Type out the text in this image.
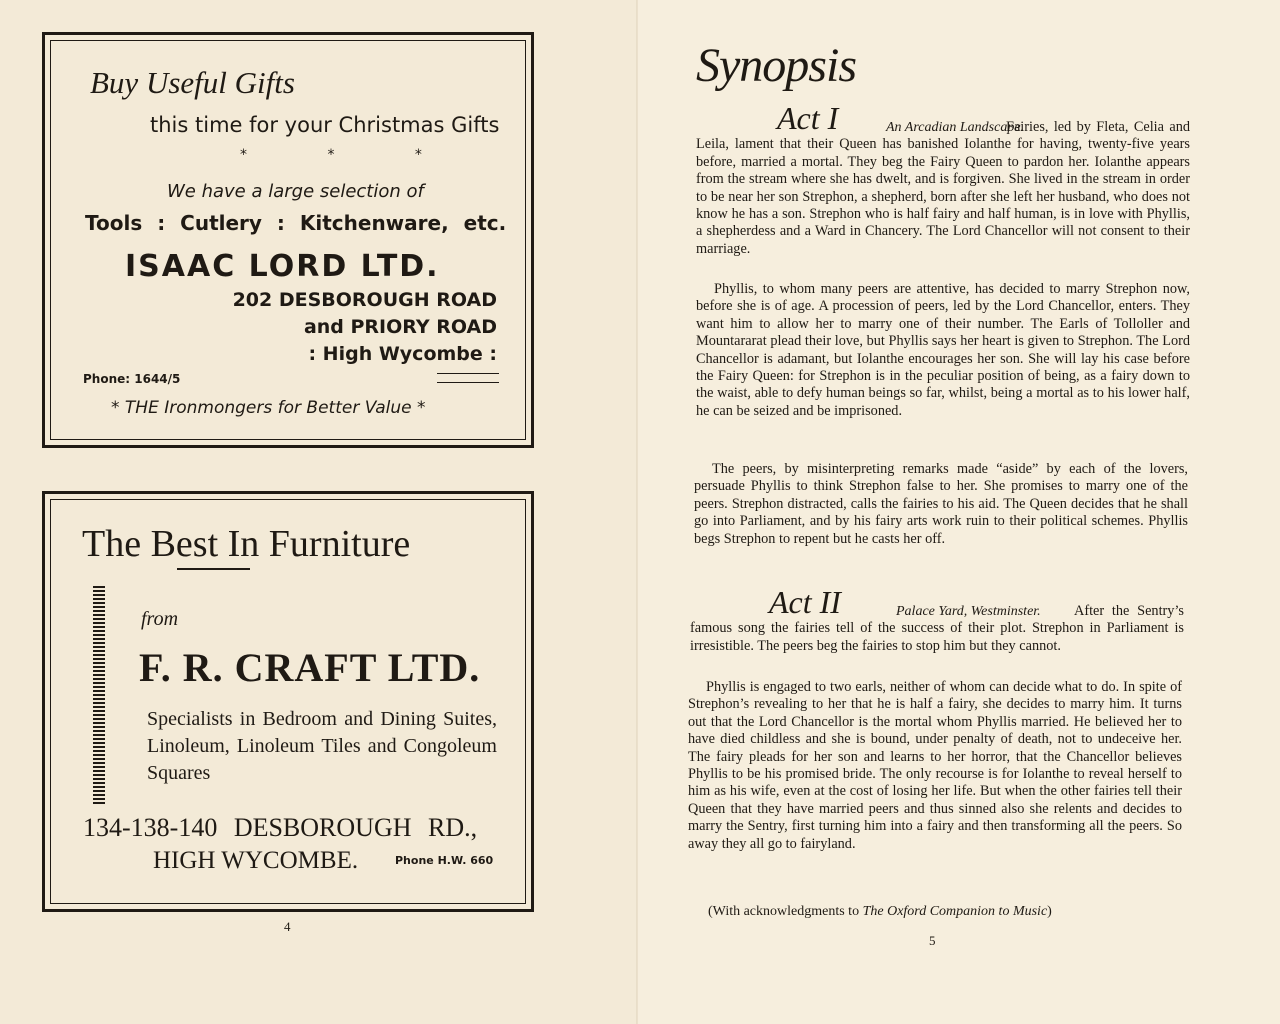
Buy Useful Gifts
this time for your Christmas Gifts
* * *
We have a large selection of
Tools : Cutlery : Kitchenware, etc.
ISAAC LORD LTD.
202 DESBOROUGH ROAD
and PRIORY ROAD
: High Wycombe :
Phone: 1644/5
* THE Ironmongers for Better Value *
The Best In Furniture
from
F. R. CRAFT LTD.
Specialists in Bedroom and Dining Suites, Linoleum, Linoleum Tiles and Congoleum Squares
134-138-140 DESBOROUGH RD.,
HIGH WYCOMBE.	Phone H.W. 660
4
Synopsis
Act I	An Arcadian Landscape.

Fairies, led by Fleta, Celia and Leila, lament that their Queen has banished Iolanthe for having, twenty-five years before, married a mortal. They beg the Fairy Queen to pardon her. Iolanthe appears from the stream where she has dwelt, and is forgiven. She lived in the stream in order to be near her son Strephon, a shepherd, born after she left her husband, who does not know he has a son. Strephon who is half fairy and half human, is in love with Phyllis, a shepherdess and a Ward in Chancery. The Lord Chancellor will not consent to their marriage.

Phyllis, to whom many peers are attentive, has decided to marry Strephon now, before she is of age. A procession of peers, led by the Lord Chancellor, enters. They want him to allow her to marry one of their number. The Earls of Tolloller and Mountararat plead their love, but Phyllis says her heart is given to Strephon. The Lord Chancellor is adamant, but Iolanthe encourages her son. She will lay his case before the Fairy Queen: for Strephon is in the peculiar position of being, as a fairy down to the waist, able to defy human beings so far, whilst, being a mortal as to his lower half, he can be seized and be imprisoned.

The peers, by misinterpreting remarks made “aside” by each of the lovers, persuade Phyllis to think Strephon false to her. She promises to marry one of the peers. Strephon distracted, calls the fairies to his aid. The Queen decides that he shall go into Parliament, and by his fairy arts work ruin to their political schemes. Phyllis begs Strephon to repent but he casts her off.

Act II	Palace Yard, Westminster.	After the Sentry’s famous song the fairies tell of the success of their plot. Strephon in Parliament is irresistible. The peers beg the fairies to stop him but they cannot.

Phyllis is engaged to two earls, neither of whom can decide what to do. In spite of Strephon’s revealing to her that he is half a fairy, she decides to marry him. It turns out that the Lord Chancellor is the mortal whom Phyllis married. He believed her to have died childless and she is bound, under penalty of death, not to undeceive her. The fairy pleads for her son and learns to her horror, that the Chancellor believes Phyllis to be his promised bride. The only recourse is for Iolanthe to reveal herself to him as his wife, even at the cost of losing her life. But when the other fairies tell their Queen that they have married peers and thus sinned also she relents and decides to marry the Sentry, first turning him into a fairy and then transforming all the peers. So away they all go to fairyland.

(With acknowledgments to The Oxford Companion to Music)
5
